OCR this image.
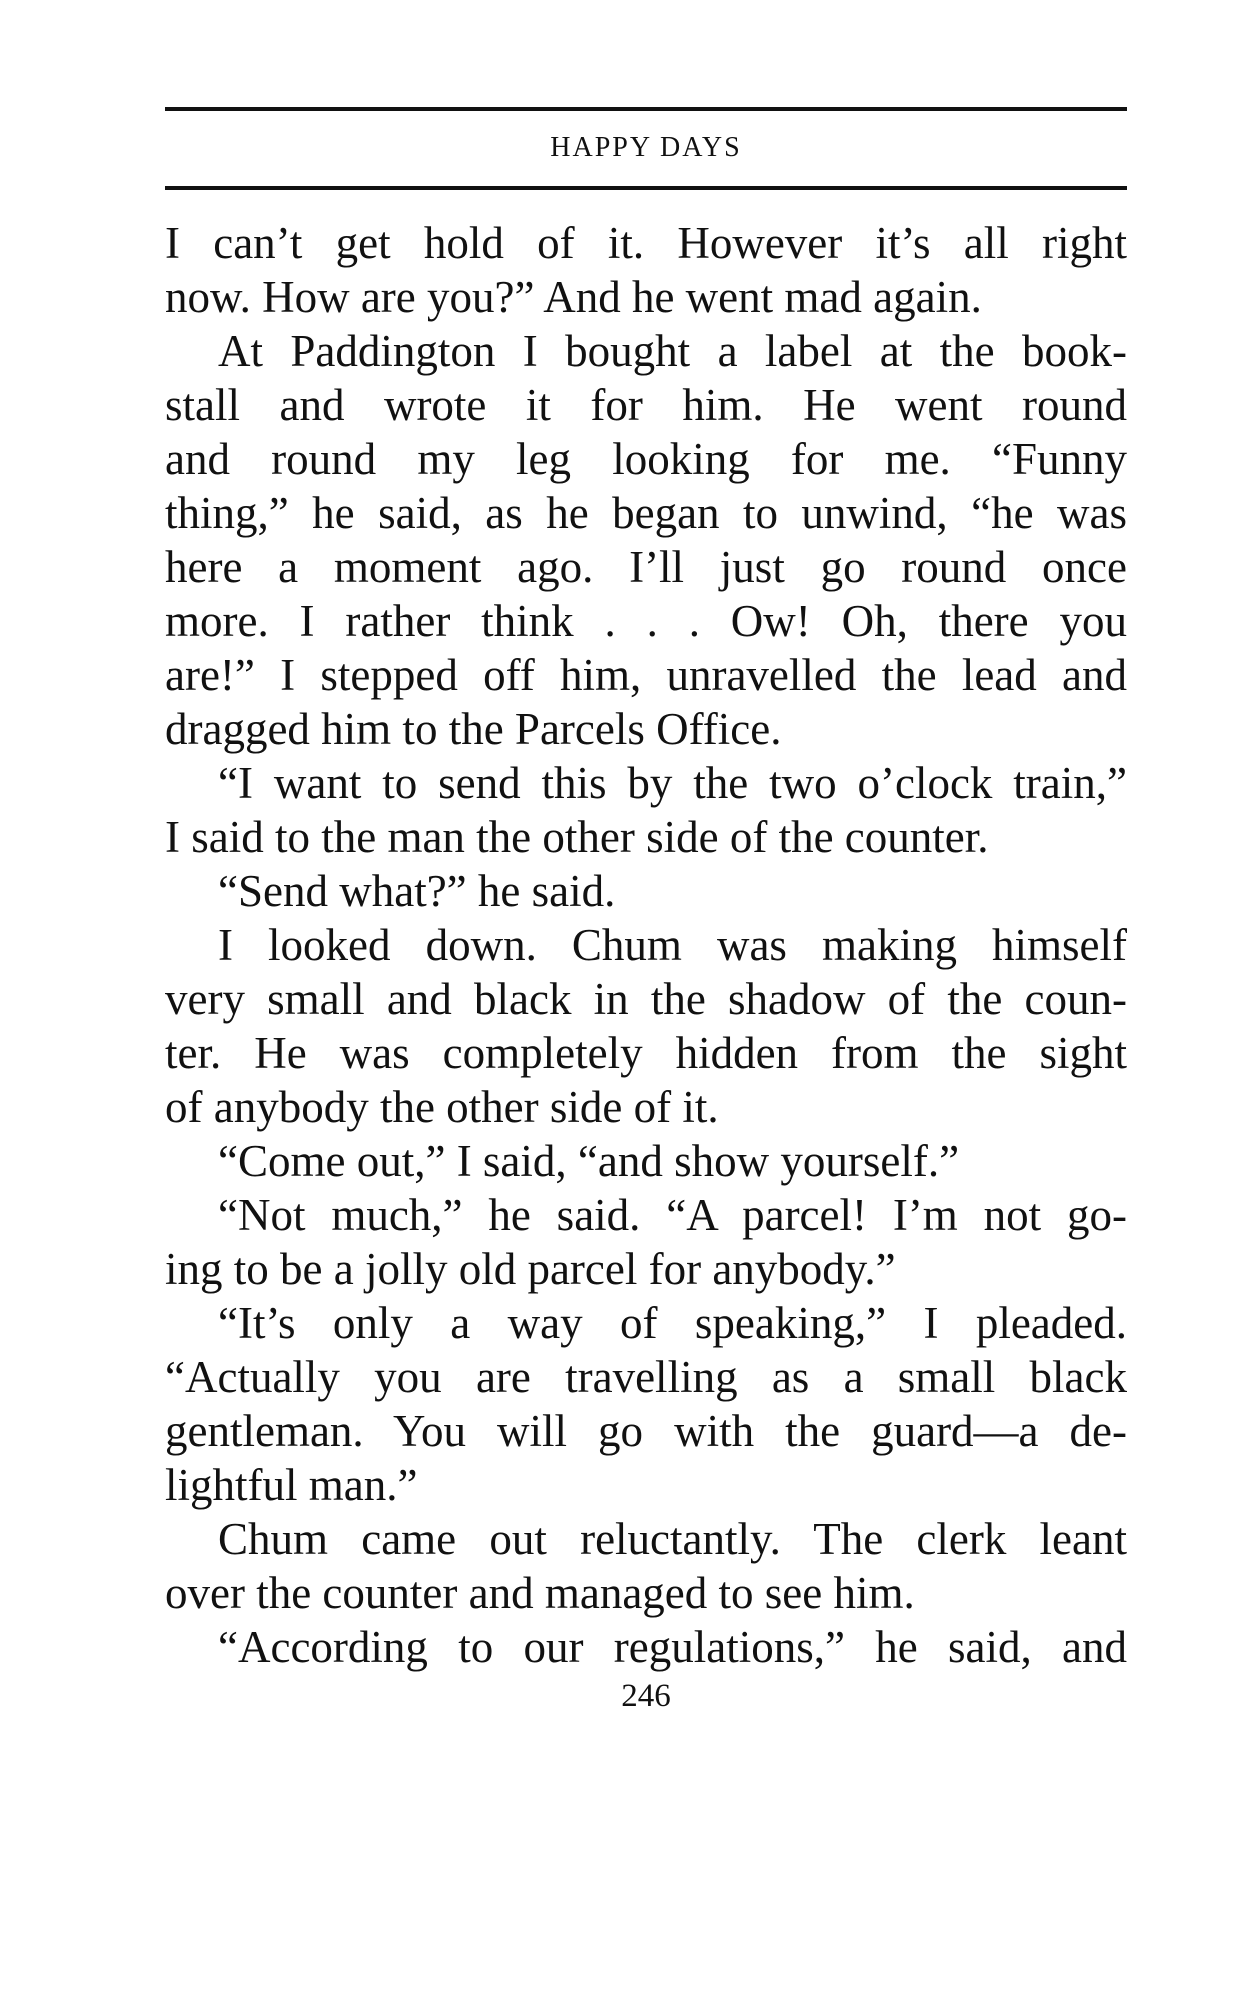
HAPPY DAYS
I can’t get hold of it. However it’s all right
now. How are you?” And he went mad again.
At Paddington I bought a label at the book-
stall and wrote it for him. He went round
and round my leg looking for me. “Funny
thing,” he said, as he began to unwind, “he was
here a moment ago. I’ll just go round once
more. I rather think . . . Ow! Oh, there you
are!” I stepped off him, unravelled the lead and
dragged him to the Parcels Office.
“I want to send this by the two o’clock train,”
I said to the man the other side of the counter.
“Send what?” he said.
I looked down. Chum was making himself
very small and black in the shadow of the coun-
ter. He was completely hidden from the sight
of anybody the other side of it.
“Come out,” I said, “and show yourself.”
“Not much,” he said. “A parcel! I’m not go-
ing to be a jolly old parcel for anybody.”
“It’s only a way of speaking,” I pleaded.
“Actually you are travelling as a small black
gentleman. You will go with the guard—a de-
lightful man.”
Chum came out reluctantly. The clerk leant
over the counter and managed to see him.
“According to our regulations,” he said, and
246
